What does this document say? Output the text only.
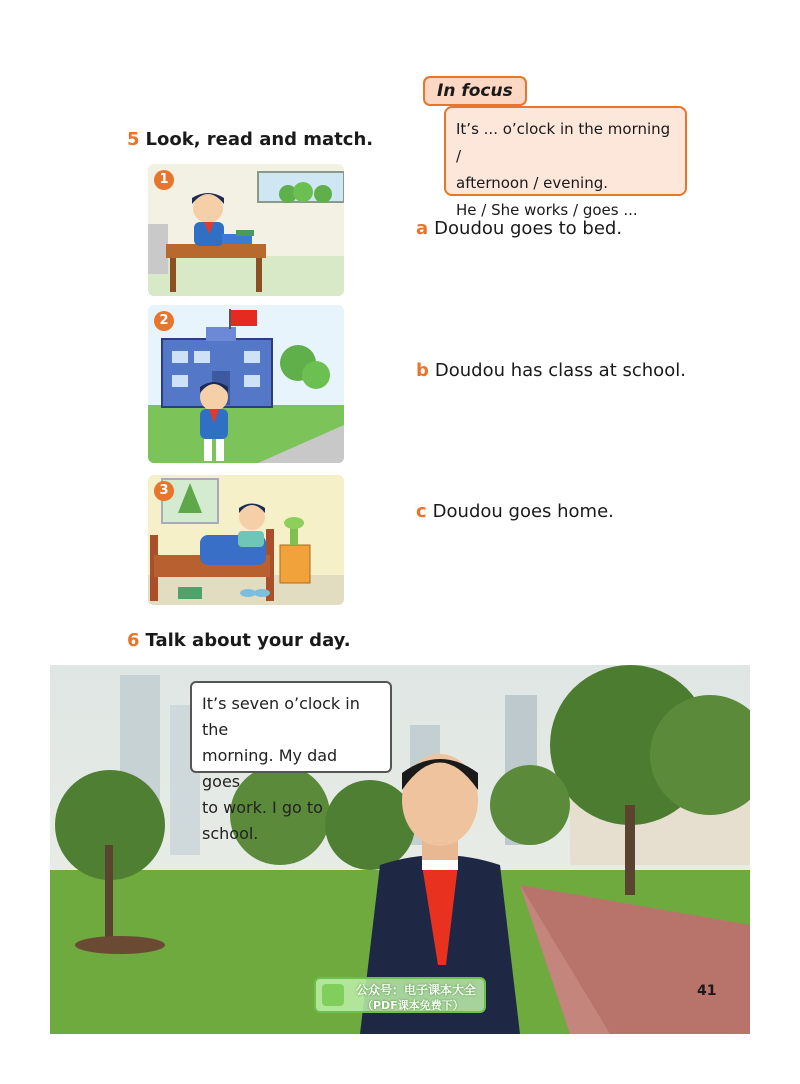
5 Look, read and match.
In focus
It’s ... o’clock in the morning /
afternoon / evening.
He / She works / goes ...
1
2
3
a Doudou goes to bed.
b Doudou has class at school.
c Doudou goes home.
6 Talk about your day.
It’s seven o’clock in the
morning. My dad goes
to work. I go to school.
公众号：电子课本大全
（PDF课本免费下）
41
